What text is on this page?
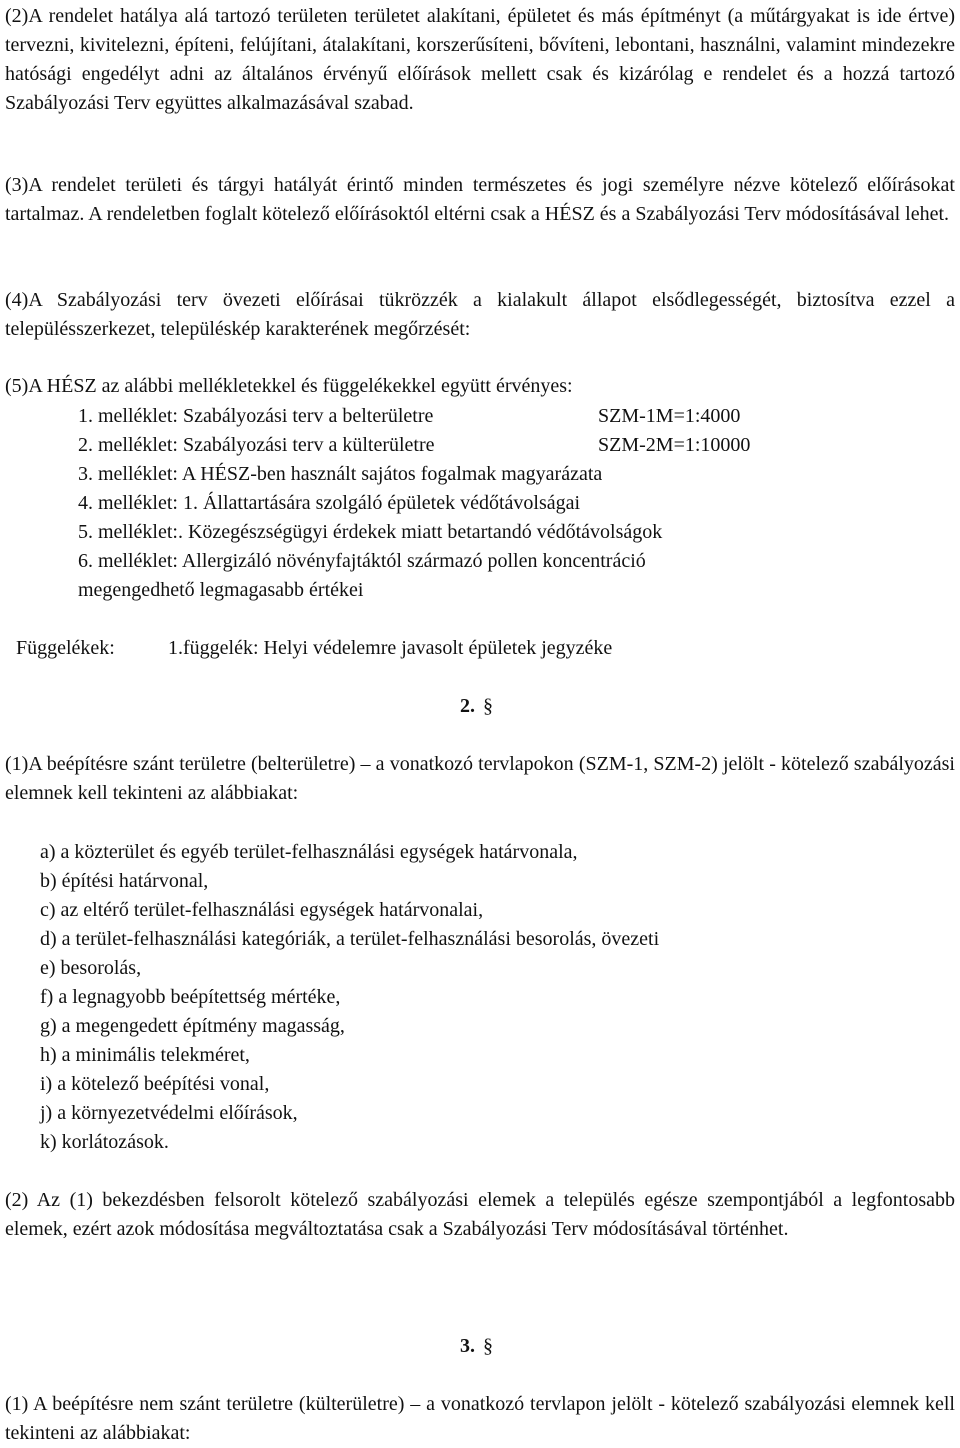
(2)A rendelet hatálya alá tartozó területen területet alakítani, épületet és más építményt (a műtárgyakat is ide értve) tervezni, kivitelezni, építeni, felújítani, átalakítani, korszerűsíteni, bővíteni, lebontani, használni, valamint mindezekre hatósági engedélyt adni az általános érvényű előírások mellett csak és kizárólag e rendelet és a hozzá tartozó Szabályozási Terv együttes alkalmazásával szabad.

(3)A rendelet területi és tárgyi hatályát érintő minden természetes és jogi személyre nézve kötelező előírásokat tartalmaz. A rendeletben foglalt kötelező előírásoktól eltérni csak a HÉSZ és a Szabályozási Terv módosításával lehet.

(4)A Szabályozási terv övezeti előírásai tükrözzék a kialakult állapot elsődlegességét, biztosítva ezzel a településszerkezet, településkép karakterének megőrzését:

(5)A HÉSZ az alábbi mellékletekkel és függelékekkel együtt érvényes:

1. melléklet: Szabályozási terv a belterületre	SZM-1M=1:4000
2. melléklet: Szabályozási terv a külterületre	SZM-2M=1:10000

3. melléklet: A HÉSZ-ben használt sajátos fogalmak magyarázata

4. melléklet: 1. Állattartására szolgáló épületek védőtávolságai

5. melléklet:. Közegészségügyi érdekek miatt betartandó védőtávolságok

6. melléklet: Allergizáló növényfajtáktól származó pollen koncentráció

megengedhető legmagasabb értékei

Függelékek:	1.függelék: Helyi védelemre javasolt épületek jegyzéke
2. §

(1)A beépítésre szánt területre (belterületre) – a vonatkozó tervlapokon (SZM-1, SZM-2) jelölt - kötelező szabályozási elemnek kell tekinteni az alábbiakat:

a) a közterület és egyéb terület-felhasználási egységek határvonala,

b) építési határvonal,

c) az eltérő terület-felhasználási egységek határvonalai,

d) a terület-felhasználási kategóriák, a terület-felhasználási besorolás, övezeti

e) besorolás,

f) a legnagyobb beépítettség mértéke,

g) a megengedett építmény magasság,

h) a minimális telekméret,

i) a kötelező beépítési vonal,

j) a környezetvédelmi előírások,

k) korlátozások.

(2) Az (1) bekezdésben felsorolt kötelező szabályozási elemek a település egésze szempontjából a legfontosabb elemek, ezért azok módosítása megváltoztatása csak a Szabályozási Terv módosításával történhet.

3. §

(1) A beépítésre nem szánt területre (külterületre) – a vonatkozó tervlapon jelölt - kötelező szabályozási elemnek kell tekinteni az alábbiakat:
